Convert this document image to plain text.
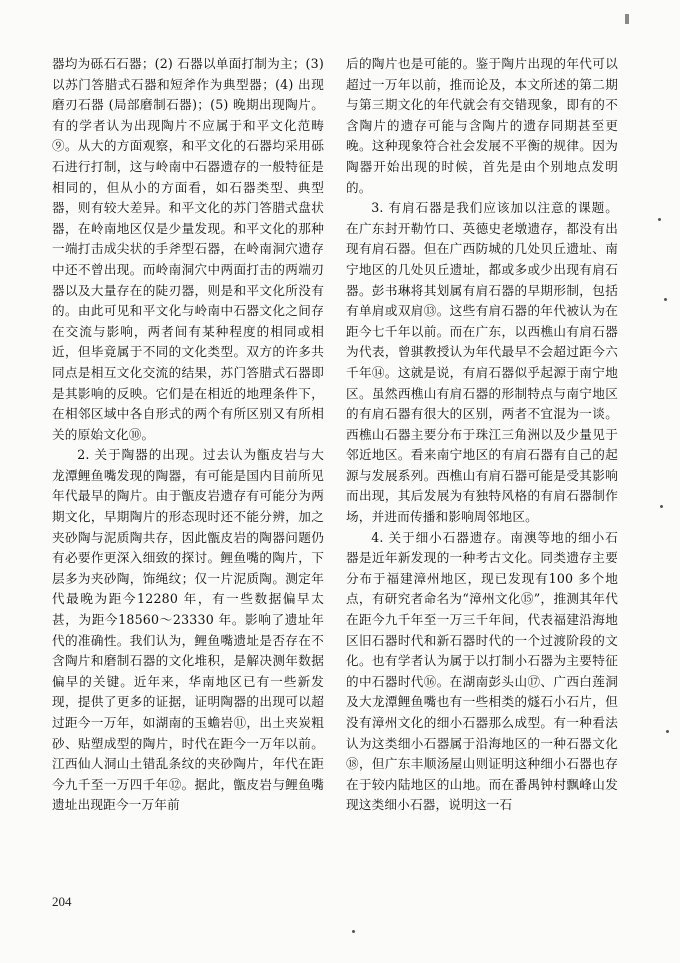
器均为砾石石器；(2) 石器以单面打制为主；(3) 以苏门答腊式石器和短斧作为典型器；(4) 出现磨刃石器 (局部磨制石器)；(5) 晚期出现陶片。有的学者认为出现陶片不应属于和平文化范畴⑨。从大的方面观察，和平文化的石器均采用砾石进行打制，这与岭南中石器遗存的一般特征是相同的，但从小的方面看，如石器类型、典型器，则有较大差异。和平文化的苏门答腊式盘状器，在岭南地区仅是少量发现。和平文化的那种一端打击成尖状的手斧型石器，在岭南洞穴遗存中还不曾出现。而岭南洞穴中两面打击的两端刃器以及大量存在的陡刃器，则是和平文化所没有的。由此可见和平文化与岭南中石器文化之间存在交流与影响，两者间有某种程度的相同或相近，但毕竟属于不同的文化类型。双方的许多共同点是相互文化交流的结果，苏门答腊式石器即是其影响的反映。它们是在相近的地理条件下，在相邻区域中各自形式的两个有所区别又有所相关的原始文化⑩。

2. 关于陶器的出现。过去认为甑皮岩与大龙潭鲤鱼嘴发现的陶器，有可能是国内目前所见年代最早的陶片。由于甑皮岩遗存有可能分为两期文化，早期陶片的形态现时还不能分辨，加之夹砂陶与泥质陶共存，因此甑皮岩的陶器问题仍有必要作更深入细致的探讨。鲤鱼嘴的陶片，下层多为夹砂陶，饰绳纹；仅一片泥质陶。测定年代最晚为距今12280 年，有一些数据偏早太甚，为距今18560～23330 年。影响了遗址年代的准确性。我们认为，鲤鱼嘴遗址是否存在不含陶片和磨制石器的文化堆积，是解决测年数据偏早的关键。近年来，华南地区已有一些新发现，提供了更多的证据，证明陶器的出现可以超过距今一万年，如湖南的玉蟾岩⑪，出土夹炭粗砂、贴塑成型的陶片，时代在距今一万年以前。江西仙人洞山土错乱条纹的夹砂陶片，年代在距今九千至一万四千年⑫。据此，甑皮岩与鲤鱼嘴遗址出现距今一万年前

后的陶片也是可能的。鉴于陶片出现的年代可以超过一万年以前，推而论及，本文所述的第二期与第三期文化的年代就会有交错现象，即有的不含陶片的遗存可能与含陶片的遗存同期甚至更晚。这种现象符合社会发展不平衡的规律。因为陶器开始出现的时候，首先是由个别地点发明的。

3. 有肩石器是我们应该加以注意的课题。在广东封开勒竹口、英德史老墩遗存，都没有出现有肩石器。但在广西防城的几处贝丘遗址、南宁地区的几处贝丘遗址，都或多或少出现有肩石器。彭书琳将其划属有肩石器的早期形制，包括有单肩或双肩⑬。这些有肩石器的年代被认为在距今七千年以前。而在广东，以西樵山有肩石器为代表，曾骐教授认为年代最早不会超过距今六千年⑭。这就是说，有肩石器似乎起源于南宁地区。虽然西樵山有肩石器的形制特点与南宁地区的有肩石器有很大的区别，两者不宜混为一谈。西樵山石器主要分布于珠江三角洲以及少量见于邻近地区。看来南宁地区的有肩石器有自己的起源与发展系列。西樵山有肩石器可能是受其影响而出现，其后发展为有独特风格的有肩石器制作场，并进而传播和影响周邻地区。

4. 关于细小石器遗存。南澳等地的细小石器是近年新发现的一种考古文化。同类遗存主要分布于福建漳州地区，现已发现有100 多个地点，有研究者命名为“漳州文化⑮”，推测其年代在距今九千年至一万三千年间，代表福建沿海地区旧石器时代和新石器时代的一个过渡阶段的文化。也有学者认为属于以打制小石器为主要特征的中石器时代⑯。在湖南彭头山⑰、广西白莲洞及大龙潭鲤鱼嘴也有一些相类的燧石小石片，但没有漳州文化的细小石器那么成型。有一种看法认为这类细小石器属于沿海地区的一种石器文化⑱，但广东丰顺汤屋山则证明这种细小石器也存在于较内陆地区的山地。而在番禺钟村飘峰山发现这类细小石器，说明这一石

204
